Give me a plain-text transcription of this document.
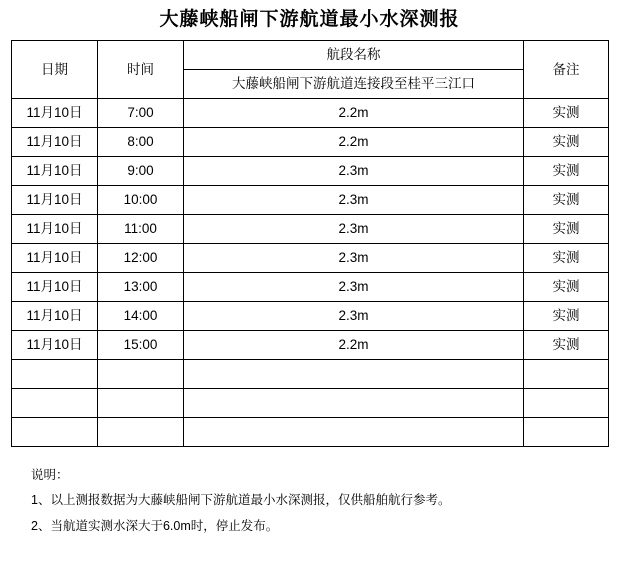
大藤峡船闸下游航道最小水深测报
日期	时间	航段名称	备注
		大藤峡船闸下游航道连接段至桂平三江口	
11月10日	7:00	2.2m	实测
11月10日	8:00	2.2m	实测
11月10日	9:00	2.3m	实测
11月10日	10:00	2.3m	实测
11月10日	11:00	2.3m	实测
11月10日	12:00	2.3m	实测
11月10日	13:00	2.3m	实测
11月10日	14:00	2.3m	实测
11月10日	15:00	2.2m	实测

说明：
1、以上测报数据为大藤峡船闸下游航道最小水深测报，仅供船舶航行参考。
2、当航道实测水深大于6.0m时，停止发布。
